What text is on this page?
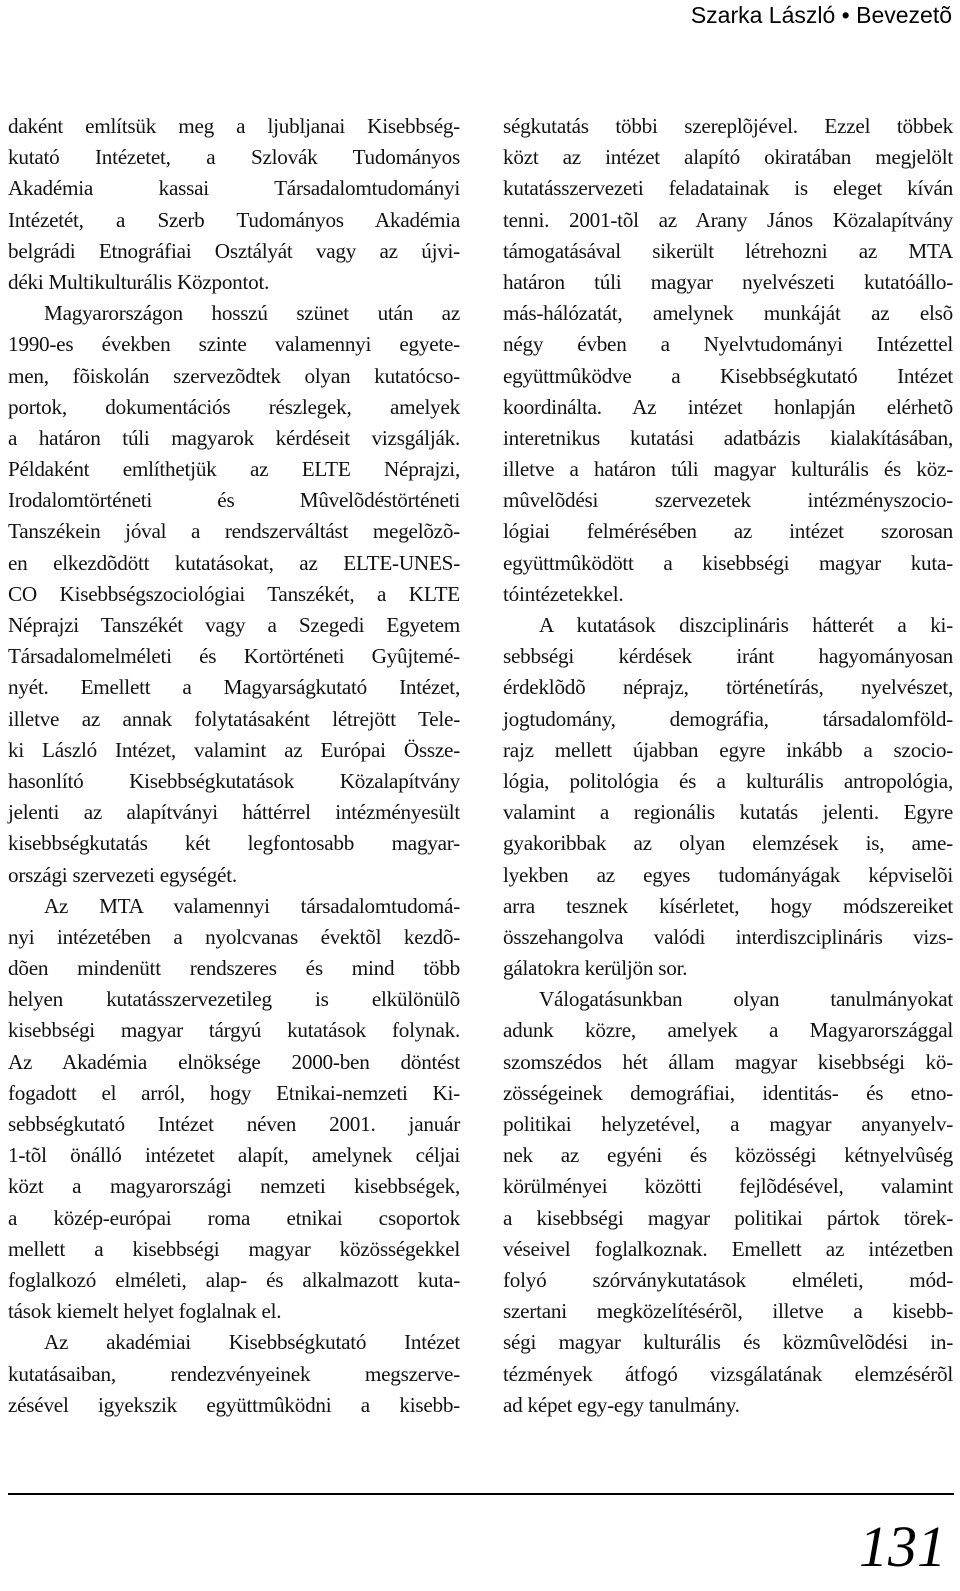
Szarka László • Bevezetõ
daként említsük meg a ljubljanai Kisebbség-
kutató Intézetet, a Szlovák Tudományos
Akadémia kassai Társadalomtudományi
Intézetét, a Szerb Tudományos Akadémia
belgrádi Etnográfiai Osztályát vagy az újvi-
déki Multikulturális Központot.
Magyarországon hosszú szünet után az
1990-es években szinte valamennyi egyete-
men, fõiskolán szervezõdtek olyan kutatócso-
portok, dokumentációs részlegek, amelyek
a határon túli magyarok kérdéseit vizsgálják.
Példaként említhetjük az ELTE Néprajzi,
Irodalomtörténeti és Mûvelõdéstörténeti
Tanszékein jóval a rendszerváltást megelõzõ-
en elkezdõdött kutatásokat, az ELTE-UNES-
CO Kisebbségszociológiai Tanszékét, a KLTE
Néprajzi Tanszékét vagy a Szegedi Egyetem
Társadalomelméleti és Kortörténeti Gyûjtemé-
nyét. Emellett a Magyarságkutató Intézet,
illetve az annak folytatásaként létrejött Tele-
ki László Intézet, valamint az Európai Össze-
hasonlító Kisebbségkutatások Közalapítvány
jelenti az alapítványi háttérrel intézményesült
kisebbségkutatás két legfontosabb magyar-
országi szervezeti egységét.
Az MTA valamennyi társadalomtudomá-
nyi intézetében a nyolcvanas évektõl kezdõ-
dõen mindenütt rendszeres és mind több
helyen kutatásszervezetileg is elkülönülõ
kisebbségi magyar tárgyú kutatások folynak.
Az Akadémia elnöksége 2000-ben döntést
fogadott el arról, hogy Etnikai-nemzeti Ki-
sebbségkutató Intézet néven 2001. január
1-tõl önálló intézetet alapít, amelynek céljai
közt a magyarországi nemzeti kisebbségek,
a közép-európai roma etnikai csoportok
mellett a kisebbségi magyar közösségekkel
foglalkozó elméleti, alap- és alkalmazott kuta-
tások kiemelt helyet foglalnak el.
Az akadémiai Kisebbségkutató Intézet
kutatásaiban, rendezvényeinek megszerve-
zésével igyekszik együttmûködni a kisebb-
ségkutatás többi szereplõjével. Ezzel többek
közt az intézet alapító okiratában megjelölt
kutatásszervezeti feladatainak is eleget kíván
tenni. 2001-tõl az Arany János Közalapítvány
támogatásával sikerült létrehozni az MTA
határon túli magyar nyelvészeti kutatóállo-
más-hálózatát, amelynek munkáját az elsõ
négy évben a Nyelvtudományi Intézettel
együttmûködve a Kisebbségkutató Intézet
koordinálta. Az intézet honlapján elérhetõ
interetnikus kutatási adatbázis kialakításában,
illetve a határon túli magyar kulturális és köz-
mûvelõdési szervezetek intézményszocio-
lógiai felmérésében az intézet szorosan
együttmûködött a kisebbségi magyar kuta-
tóintézetekkel.
A kutatások diszciplináris hátterét a ki-
sebbségi kérdések iránt hagyományosan
érdeklõdõ néprajz, történetírás, nyelvészet,
jogtudomány, demográfia, társadalomföld-
rajz mellett újabban egyre inkább a szocio-
lógia, politológia és a kulturális antropológia,
valamint a regionális kutatás jelenti. Egyre
gyakoribbak az olyan elemzések is, ame-
lyekben az egyes tudományágak képviselõi
arra tesznek kísérletet, hogy módszereiket
összehangolva valódi interdiszciplináris vizs-
gálatokra kerüljön sor.
Válogatásunkban olyan tanulmányokat
adunk közre, amelyek a Magyarországgal
szomszédos hét állam magyar kisebbségi kö-
zösségeinek demográfiai, identitás- és etno-
politikai helyzetével, a magyar anyanyelv-
nek az egyéni és közösségi kétnyelvûség
körülményei közötti fejlõdésével, valamint
a kisebbségi magyar politikai pártok törek-
véseivel foglalkoznak. Emellett az intézetben
folyó szórványkutatások elméleti, mód-
szertani megközelítésérõl, illetve a kisebb-
ségi magyar kulturális és közmûvelõdési in-
tézmények átfogó vizsgálatának elemzésérõl
ad képet egy-egy tanulmány.
131
